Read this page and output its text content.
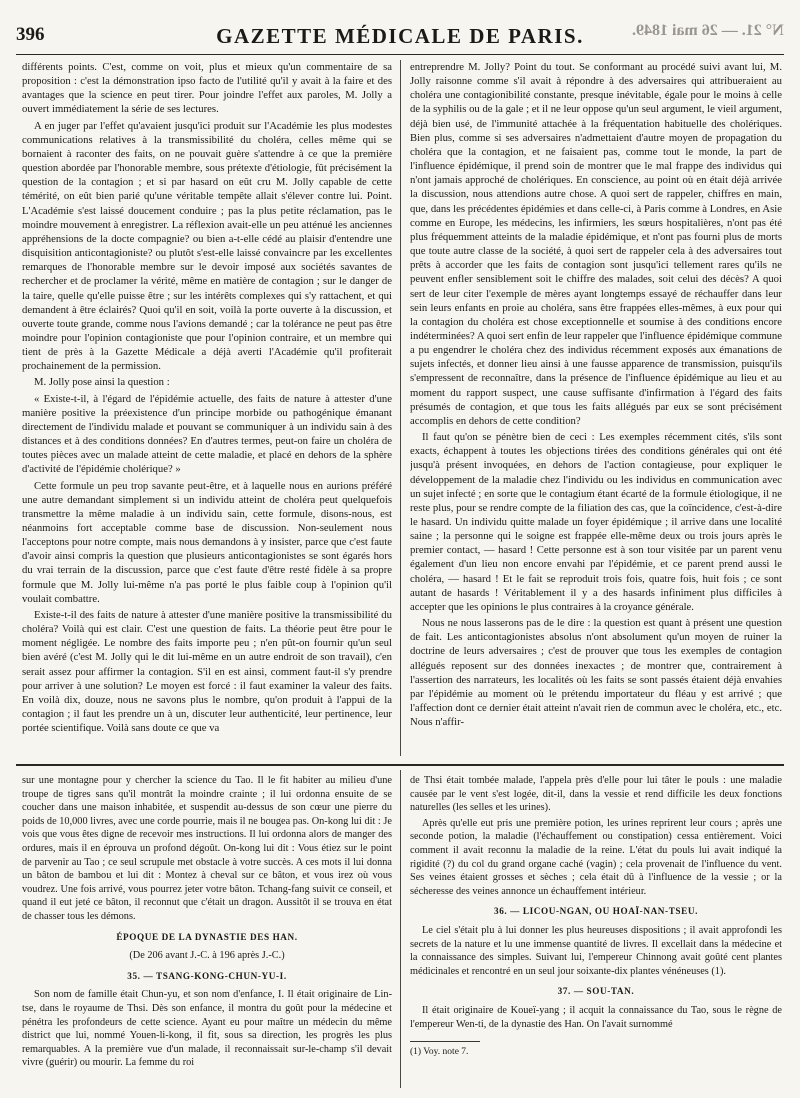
396	GAZETTE MÉDICALE DE PARIS.	N° 21. — 26 mai 1849.

différents points. C'est, comme on voit, plus et mieux qu'un commentaire de sa proposition : c'est la démonstration ipso facto de l'utilité qu'il y avait à la faire et des avantages que la science en peut tirer. Pour joindre l'effet aux paroles, M. Jolly a ouvert immédiatement la série de ses lectures.

A en juger par l'effet qu'avaient jusqu'ici produit sur l'Académie les plus modestes communications relatives à la transmissibilité du choléra, celles même qui se bornaient à raconter des faits, on ne pouvait guère s'attendre à ce que la première question abordée par l'honorable membre, sous prétexte d'étiologie, fût précisément la question de la contagion ; et si par hasard on eût cru M. Jolly capable de cette témérité, on eût bien parié qu'une véritable tempête allait s'élever contre lui. Point. L'Académie s'est laissé doucement conduire ; pas la plus petite réclamation, pas le moindre mouvement à enregistrer. La réflexion avait-elle un peu atténué les anciennes appréhensions de la docte compagnie? ou bien a-t-elle cédé au plaisir d'entendre une disquisition anticontagioniste? ou plutôt s'est-elle laissé convaincre par les excellentes remarques de l'honorable membre sur le devoir imposé aux sociétés savantes de rechercher et de proclamer la vérité, même en matière de contagion ; sur le danger de la taire, quelle qu'elle puisse être ; sur les intérêts complexes qui s'y rattachent, et qui demandent à être éclairés? Quoi qu'il en soit, voilà la porte ouverte à la discussion, et ouverte toute grande, comme nous l'avions demandé ; car la tolérance ne peut pas être moindre pour l'opinion contagioniste que pour l'opinion contraire, et un membre qui tient de près à la Gazette Médicale a déjà averti l'Académie qu'il profiterait prochainement de la permission.

M. Jolly pose ainsi la question :

« Existe-t-il, à l'égard de l'épidémie actuelle, des faits de nature à attester d'une manière positive la préexistence d'un principe morbide ou pathogénique émanant directement de l'individu malade et pouvant se communiquer à un individu sain à des distances et à des conditions données? En d'autres termes, peut-on faire un choléra de toutes pièces avec un malade atteint de cette maladie, et placé en dehors de la sphère d'activité de l'épidémie cholérique? »

Cette formule un peu trop savante peut-être, et à laquelle nous en aurions préféré une autre demandant simplement si un individu atteint de choléra peut quelquefois transmettre la même maladie à un individu sain, cette formule, disons-nous, est néanmoins fort acceptable comme base de discussion. Non-seulement nous l'acceptons pour notre compte, mais nous demandons à y insister, parce que c'est faute d'avoir ainsi compris la question que plusieurs anticontagionistes se sont égarés hors du vrai terrain de la discussion, parce que c'est faute d'être resté fidèle à sa propre formule que M. Jolly lui-même n'a pas porté le plus faible coup à l'opinion qu'il voulait combattre.

Existe-t-il des faits de nature à attester d'une manière positive la transmissibilité du choléra? Voilà qui est clair. C'est une question de faits. La théorie peut être pour le moment négligée. Le nombre des faits importe peu ; n'en pût-on fournir qu'un seul bien avéré (c'est M. Jolly qui le dit lui-même en un autre endroit de son travail), c'en serait assez pour affirmer la contagion. S'il en est ainsi, comment faut-il s'y prendre pour arriver à une solution? Le moyen est forcé : il faut examiner la valeur des faits. En voilà dix, douze, nous ne savons plus le nombre, qu'on produit à l'appui de la contagion ; il faut les prendre un à un, discuter leur authenticité, leur pertinence, leur portée scientifique. Voilà sans doute ce que va

entreprendre M. Jolly? Point du tout. Se conformant au procédé suivi avant lui, M. Jolly raisonne comme s'il avait à répondre à des adversaires qui attribueraient au choléra une contagionibilité constante, presque inévitable, égale pour le moins à celle de la syphilis ou de la gale ; et il ne leur oppose qu'un seul argument, le vieil argument, déjà bien usé, de l'immunité attachée à la fréquentation habituelle des cholériques. Bien plus, comme si ses adversaires n'admettaient d'autre moyen de propagation du choléra que la contagion, et ne faisaient pas, comme tout le monde, la part de l'influence épidémique, il prend soin de montrer que le mal frappe des individus qui n'ont jamais approché de cholériques. En conscience, au point où en était déjà arrivée la discussion, nous attendions autre chose. A quoi sert de rappeler, chiffres en main, que, dans les précédentes épidémies et dans celle-ci, à Paris comme à Londres, en Asie comme en Europe, les médecins, les infirmiers, les sœurs hospitalières, n'ont pas été plus fréquemment atteints de la maladie épidémique, et n'ont pas fourni plus de morts que toute autre classe de la société, à quoi sert de rappeler cela à des adversaires tout prêts à accorder que les faits de contagion sont jusqu'ici tellement rares qu'ils ne peuvent enfler sensiblement soit le chiffre des malades, soit celui des décès? A quoi sert de leur citer l'exemple de mères ayant longtemps essayé de réchauffer dans leur sein leurs enfants en proie au choléra, sans être frappées elles-mêmes, à eux pour qui la contagion du choléra est chose exceptionnelle et soumise à des conditions encore indéterminées? A quoi sert enfin de leur rappeler que l'influence épidémique commune a pu engendrer le choléra chez des individus récemment exposés aux émanations de sujets infectés, et donner lieu ainsi à une fausse apparence de transmission, puisqu'ils s'empressent de reconnaître, dans la présence de l'influence épidémique au lieu et au moment du rapport suspect, une cause suffisante d'infirmation à l'égard des faits présumés de contagion, et que tous les faits allégués par eux se sont précisément accomplis en dehors de cette condition?

Il faut qu'on se pénètre bien de ceci : Les exemples récemment cités, s'ils sont exacts, échappent à toutes les objections tirées des conditions générales qui ont été jusqu'à présent invoquées, en dehors de l'action contagieuse, pour expliquer le développement de la maladie chez l'individu ou les individus en communication avec un sujet infecté ; en sorte que le contagium étant écarté de la formule étiologique, il ne reste plus, pour se rendre compte de la filiation des cas, que la coïncidence, c'est-à-dire le hasard. Un individu quitte malade un foyer épidémique ; il arrive dans une localité saine ; la personne qui le soigne est frappée elle-même deux ou trois jours après le premier contact, — hasard ! Cette personne est à son tour visitée par un parent venu également d'un lieu non encore envahi par l'épidémie, et ce parent prend aussi le choléra, — hasard ! Et le fait se reproduit trois fois, quatre fois, huit fois ; ce sont autant de hasards ! Véritablement il y a des hasards infiniment plus difficiles à accepter que les opinions le plus contraires à la croyance générale.

Nous ne nous lasserons pas de le dire : la question est quant à présent une question de fait. Les anticontagionistes absolus n'ont absolument qu'un moyen de ruiner la doctrine de leurs adversaires ; c'est de prouver que tous les exemples de contagion allégués reposent sur des données inexactes ; de montrer que, contrairement à l'assertion des narrateurs, les localités où les faits se sont passés étaient déjà envahies par l'épidémie au moment où le prétendu importateur du fléau y est arrivé ; que l'affection dont ce dernier était atteint n'avait rien de commun avec le choléra, etc., etc. Nous n'affir-

sur une montagne pour y chercher la science du Tao. Il le fit habiter au milieu d'une troupe de tigres sans qu'il montrât la moindre crainte ; il lui ordonna ensuite de se coucher dans une maison inhabitée, et suspendit au-dessus de son cœur une pierre du poids de 10,000 livres, avec une corde pourrie, mais il ne bougea pas. On-kong lui dit : Je vois que vous êtes digne de recevoir mes instructions. Il lui ordonna alors de manger des ordures, mais il en éprouva un profond dégoût. On-kong lui dit : Vous étiez sur le point de parvenir au Tao ; ce seul scrupule met obstacle à votre succès. A ces mots il lui donna un bâton de bambou et lui dit : Montez à cheval sur ce bâton, et vous irez où vous voudrez. Une fois arrivé, vous pourrez jeter votre bâton. Tchang-fang suivit ce conseil, et quand il eut jeté ce bâton, il reconnut que c'était un dragon. Aussitôt il se trouva en état de chasser tous les démons.

ÉPOQUE DE LA DYNASTIE DES HAN.

(De 206 avant J.-C. à 196 après J.-C.)

35. — TSANG-KONG-CHUN-YU-I.

Son nom de famille était Chun-yu, et son nom d'enfance, I. Il était originaire de Lin-tse, dans le royaume de Thsi. Dès son enfance, il montra du goût pour la médecine et pénétra les profondeurs de cette science. Ayant eu pour maître un médecin du même district que lui, nommé Youen-li-kong, il fit, sous sa direction, les progrès les plus remarquables. A la première vue d'un malade, il reconnaissait sur-le-champ s'il devait vivre (guérir) ou mourir. La femme du roi

de Thsi était tombée malade, l'appela près d'elle pour lui tâter le pouls : une maladie causée par le vent s'est logée, dit-il, dans la vessie et rend difficile les deux fonctions naturelles (les selles et les urines).

Après qu'elle eut pris une première potion, les urines reprirent leur cours ; après une seconde potion, la maladie (l'échauffement ou constipation) cessa entièrement. Voici comment il avait reconnu la maladie de la reine. L'état du pouls lui avait indiqué la rigidité (?) du col du grand organe caché (vagin) ; cela provenait de l'influence du vent. Ses veines étaient grosses et sèches ; cela était dû à l'influence de la vessie ; or la sécheresse des veines annonce un échauffement intérieur.

36. — LICOU-NGAN, OU HOAÏ-NAN-TSEU.

Le ciel s'était plu à lui donner les plus heureuses dispositions ; il avait approfondi les secrets de la nature et lu une immense quantité de livres. Il excellait dans la médecine et la connaissance des simples. Suivant lui, l'empereur Chinnong avait goûté cent plantes médicinales et rencontré en un seul jour soixante-dix plantes vénéneuses (1).

37. — SOU-TAN.

Il était originaire de Koueï-yang ; il acquit la connaissance du Tao, sous le règne de l'empereur Wen-ti, de la dynastie des Han. On l'avait surnommé

(1) Voy. note 7.
